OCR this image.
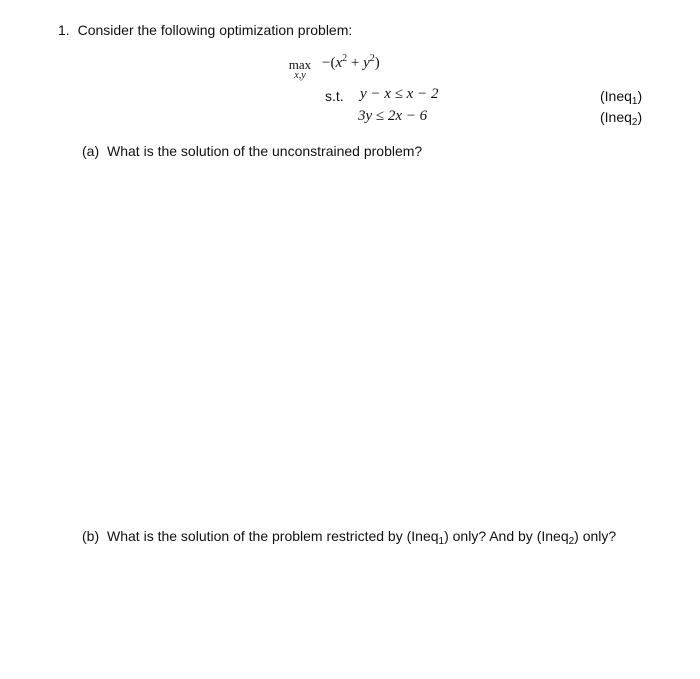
1. Consider the following optimization problem:
max
x,y
$-(x^2 + y^2)$
s.t. y − x ≤ x − 2	(Ineq$_1$)
3y ≤ 2x − 6	(Ineq$_2$)
(a) What is the solution of the unconstrained problem?
(b) What is the solution of the problem restricted by (Ineq$_1$) only? And by (Ineq$_2$) only?
